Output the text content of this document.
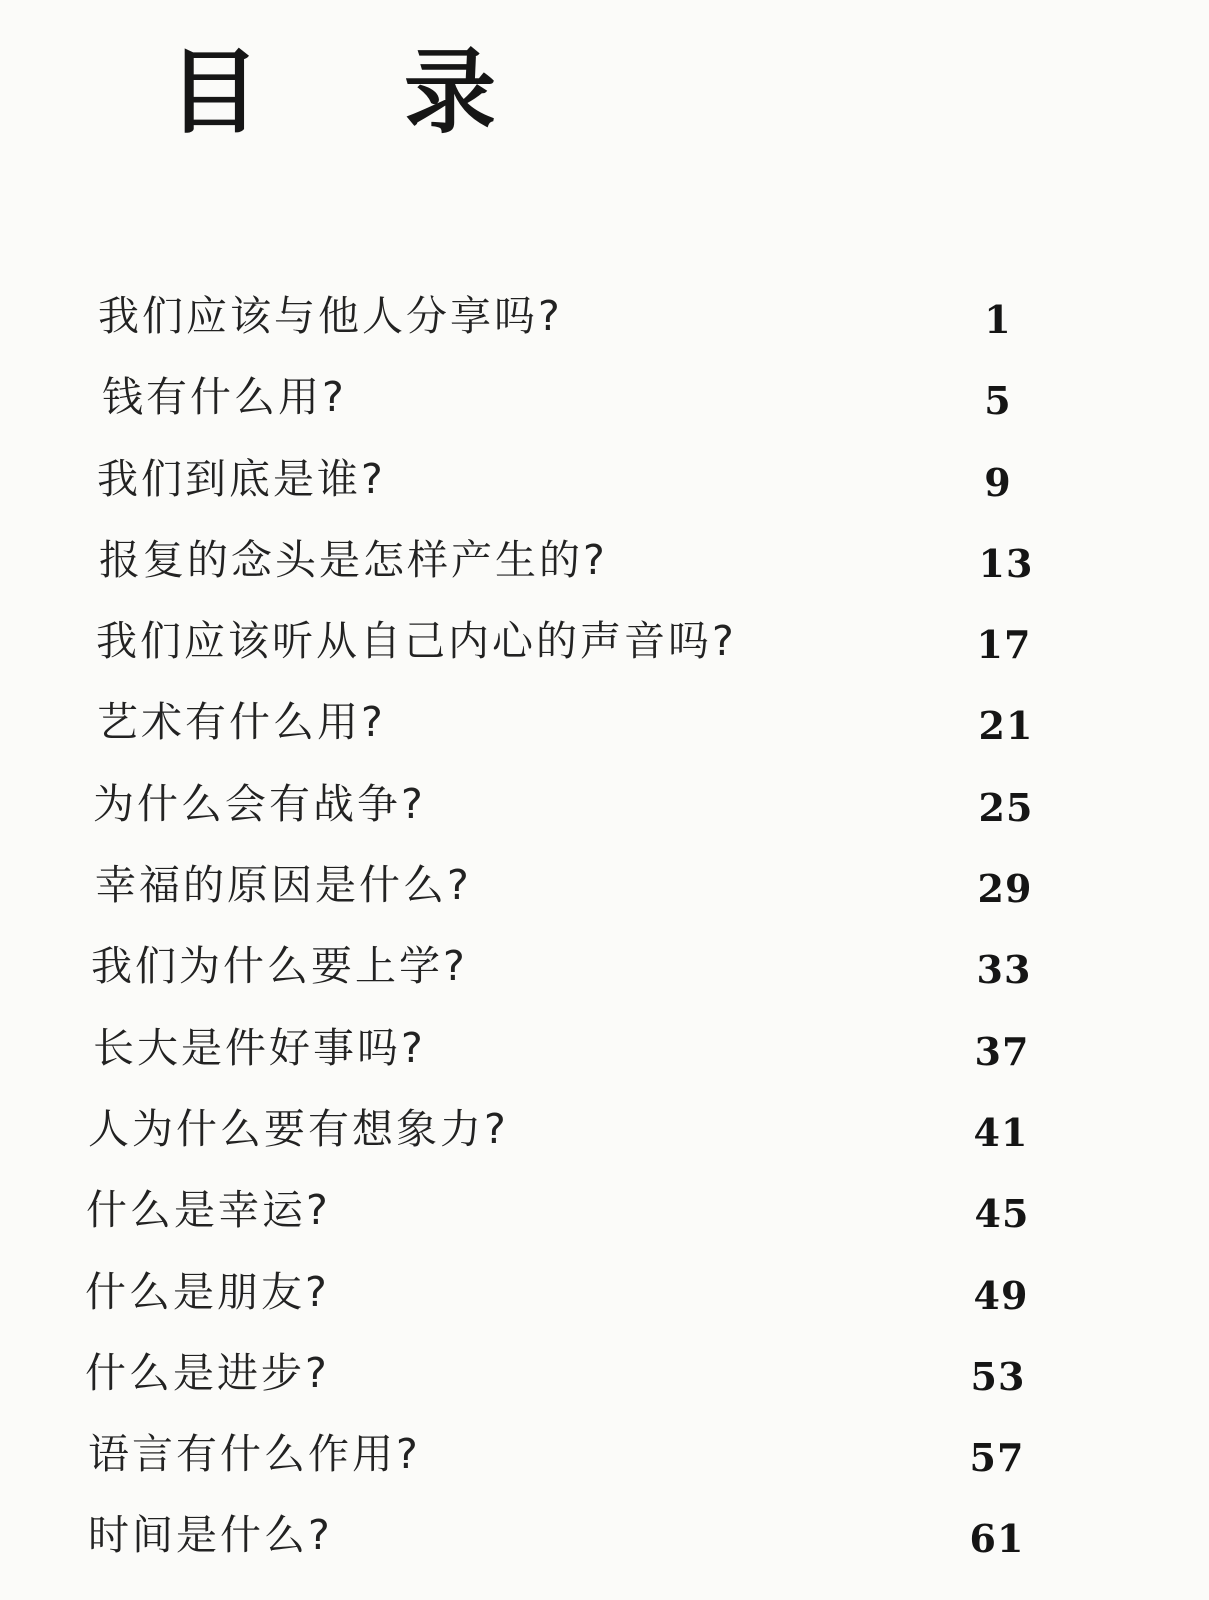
目 录
我们应该与他人分享吗?	1
钱有什么用?	5
我们到底是谁?	9
报复的念头是怎样产生的?	13
我们应该听从自己内心的声音吗?	17
艺术有什么用?	21
为什么会有战争?	25
幸福的原因是什么?	29
我们为什么要上学?	33
长大是件好事吗?	37
人为什么要有想象力?	41
什么是幸运?	45
什么是朋友?	49
什么是进步?	53
语言有什么作用?	57
时间是什么?	61
